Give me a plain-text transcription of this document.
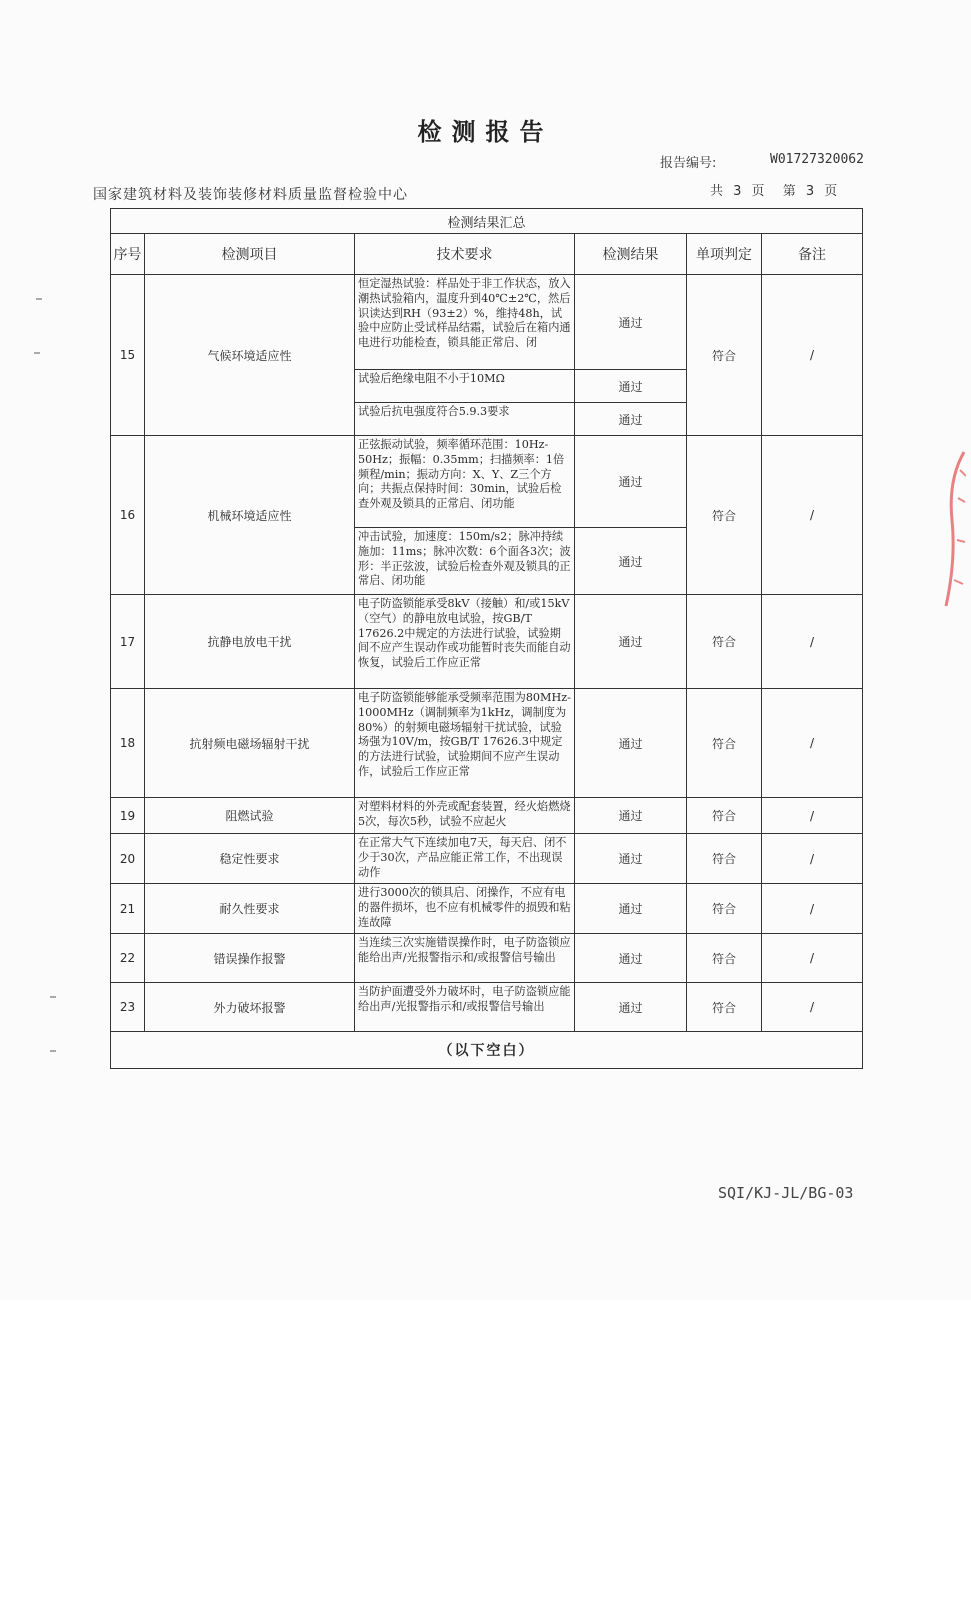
检测报告
报告编号:	W01727320062
国家建筑材料及装饰装修材料质量监督检验中心	共 3 页 第 3 页
检测结果汇总					
序号	检测项目	技术要求	检测结果	单项判定	备注
15	气候环境适应性	恒定湿热试验：样品处于非工作状态，放入潮热试验箱内，温度升到40℃±2℃，然后识读达到RH（93±2）%，维持48h，试验中应防止受试样品结霜，试验后在箱内通电进行功能检查，锁具能正常启、闭	通过	符合	/
		试验后绝缘电阻不小于10MΩ	通过		
		试验后抗电强度符合5.9.3要求	通过		
16	机械环境适应性	正弦振动试验，频率循环范围：10Hz-50Hz；振幅：0.35mm；扫描频率：1倍频程/min；振动方向：X、Y、Z三个方向；共振点保持时间：30min，试验后检查外观及锁具的正常启、闭功能	通过	符合	/
		冲击试验，加速度：150m/s2；脉冲持续施加：11ms；脉冲次数：6个面各3次；波形：半正弦波，试验后检查外观及锁具的正常启、闭功能	通过		
17	抗静电放电干扰	电子防盗锁能承受8kV（接触）和/或15kV（空气）的静电放电试验，按GB/T 17626.2中规定的方法进行试验，试验期间不应产生误动作或功能暂时丧失而能自动恢复，试验后工作应正常	通过	符合	/
18	抗射频电磁场辐射干扰	电子防盗锁能够能承受频率范围为80MHz-1000MHz（调制频率为1kHz，调制度为80%）的射频电磁场辐射干扰试验，试验场强为10V/m，按GB/T 17626.3中规定的方法进行试验，试验期间不应产生误动作，试验后工作应正常	通过	符合	/
19	阻燃试验	对塑料材料的外壳或配套装置，经火焰燃烧5次，每次5秒，试验不应起火	通过	符合	/
20	稳定性要求	在正常大气下连续加电7天，每天启、闭不少于30次，产品应能正常工作，不出现误动作	通过	符合	/
21	耐久性要求	进行3000次的锁具启、闭操作，不应有电的器件损坏，也不应有机械零件的损毁和粘连故障	通过	符合	/
22	错误操作报警	当连续三次实施错误操作时，电子防盗锁应能给出声/光报警指示和/或报警信号输出	通过	符合	/
23	外力破坏报警	当防护面遭受外力破坏时，电子防盗锁应能给出声/光报警指示和/或报警信号输出	通过	符合	/
（以下空白）					
SQI/KJ-JL/BG-03
